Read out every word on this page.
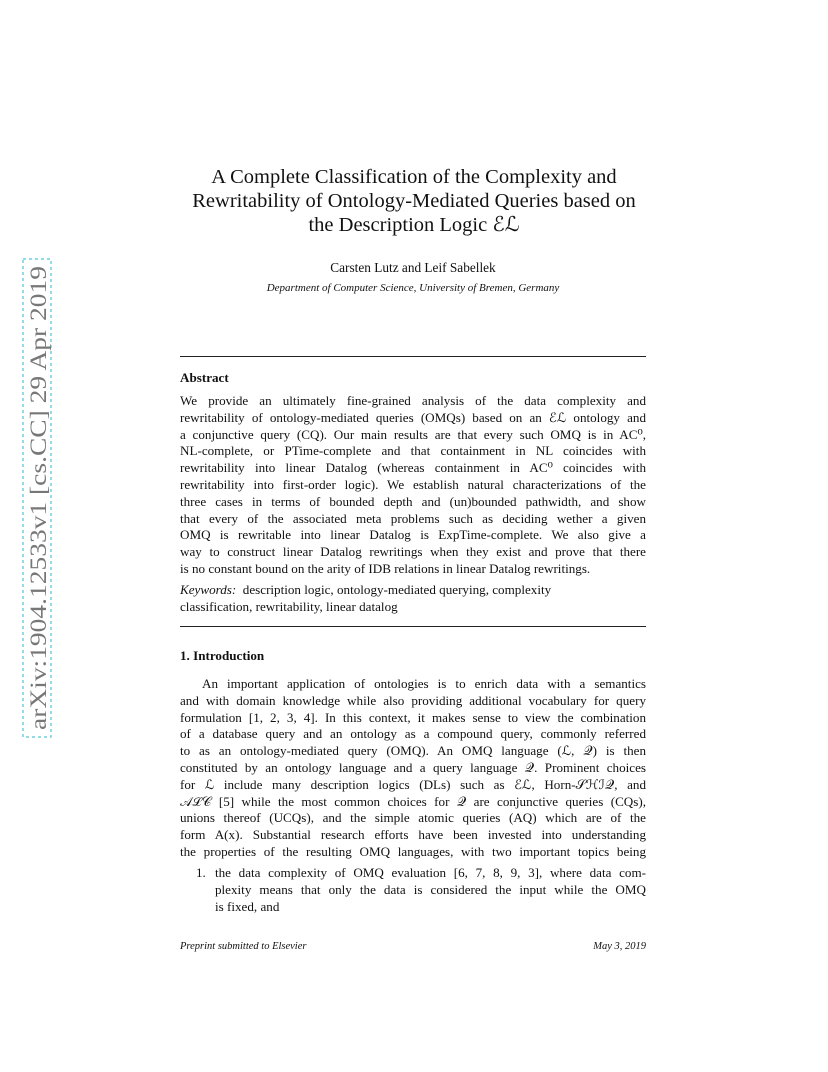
arXiv:1904.12533v1 [cs.CC] 29 Apr 2019
A Complete Classification of the Complexity and
Rewritability of Ontology-Mediated Queries based on
the Description Logic ℰℒ
Carsten Lutz and Leif Sabellek
Department of Computer Science, University of Bremen, Germany
Abstract
We provide an ultimately fine-grained analysis of the data complexity and
rewritability of ontology-mediated queries (OMQs) based on an ℰℒ ontology and
a conjunctive query (CQ). Our main results are that every such OMQ is in AC⁰,
NL-complete, or PTime-complete and that containment in NL coincides with
rewritability into linear Datalog (whereas containment in AC⁰ coincides with
rewritability into first-order logic). We establish natural characterizations of the
three cases in terms of bounded depth and (un)bounded pathwidth, and show
that every of the associated meta problems such as deciding wether a given
OMQ is rewritable into linear Datalog is ExpTime-complete. We also give a
way to construct linear Datalog rewritings when they exist and prove that there
is no constant bound on the arity of IDB relations in linear Datalog rewritings.
Keywords: description logic, ontology-mediated querying, complexity
classification, rewritability, linear datalog
1. Introduction
An important application of ontologies is to enrich data with a semantics
and with domain knowledge while also providing additional vocabulary for query
formulation [1, 2, 3, 4]. In this context, it makes sense to view the combination
of a database query and an ontology as a compound query, commonly referred
to as an ontology-mediated query (OMQ). An OMQ language (ℒ, 𝒬) is then
constituted by an ontology language and a query language 𝒬. Prominent choices
for ℒ include many description logics (DLs) such as ℰℒ, Horn-𝒮ℋℐ𝒬, and
𝒜ℒ𝒞 [5] while the most common choices for 𝒬 are conjunctive queries (CQs),
unions thereof (UCQs), and the simple atomic queries (AQ) which are of the
form A(x). Substantial research efforts have been invested into understanding
the properties of the resulting OMQ languages, with two important topics being
1. the data complexity of OMQ evaluation [6, 7, 8, 9, 3], where data com-
plexity means that only the data is considered the input while the OMQ
is fixed, and
Preprint submitted to Elsevier	May 3, 2019
